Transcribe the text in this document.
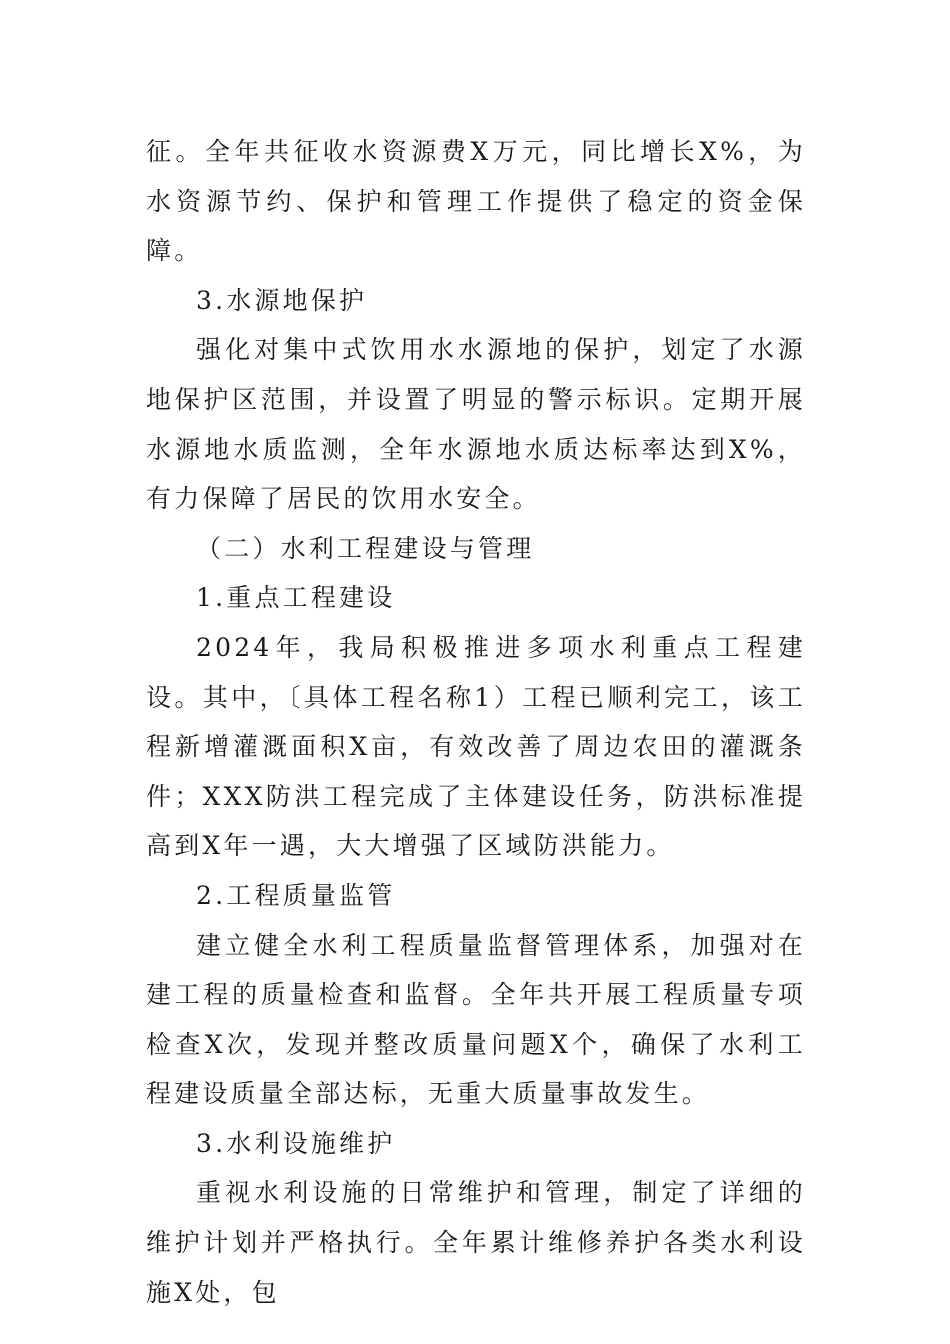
征。全年共征收水资源费X万元，同比增长X%，为水资源节约、保护和管理工作提供了稳定的资金保障。

3.水源地保护

强化对集中式饮用水水源地的保护，划定了水源地保护区范围，并设置了明显的警示标识。定期开展水源地水质监测，全年水源地水质达标率达到X%，有力保障了居民的饮用水安全。

（二）水利工程建设与管理

1.重点工程建设

2024年，我局积极推进多项水利重点工程建设。其中，〔具体工程名称1）工程已顺利完工，该工程新增灌溉面积X亩，有效改善了周边农田的灌溉条件；XXX防洪工程完成了主体建设任务，防洪标准提高到X年一遇，大大增强了区域防洪能力。

2.工程质量监管

建立健全水利工程质量监督管理体系，加强对在建工程的质量检查和监督。全年共开展工程质量专项检查X次，发现并整改质量问题X个，确保了水利工程建设质量全部达标，无重大质量事故发生。

3.水利设施维护

重视水利设施的日常维护和管理，制定了详细的维护计划并严格执行。全年累计维修养护各类水利设施X处，包
